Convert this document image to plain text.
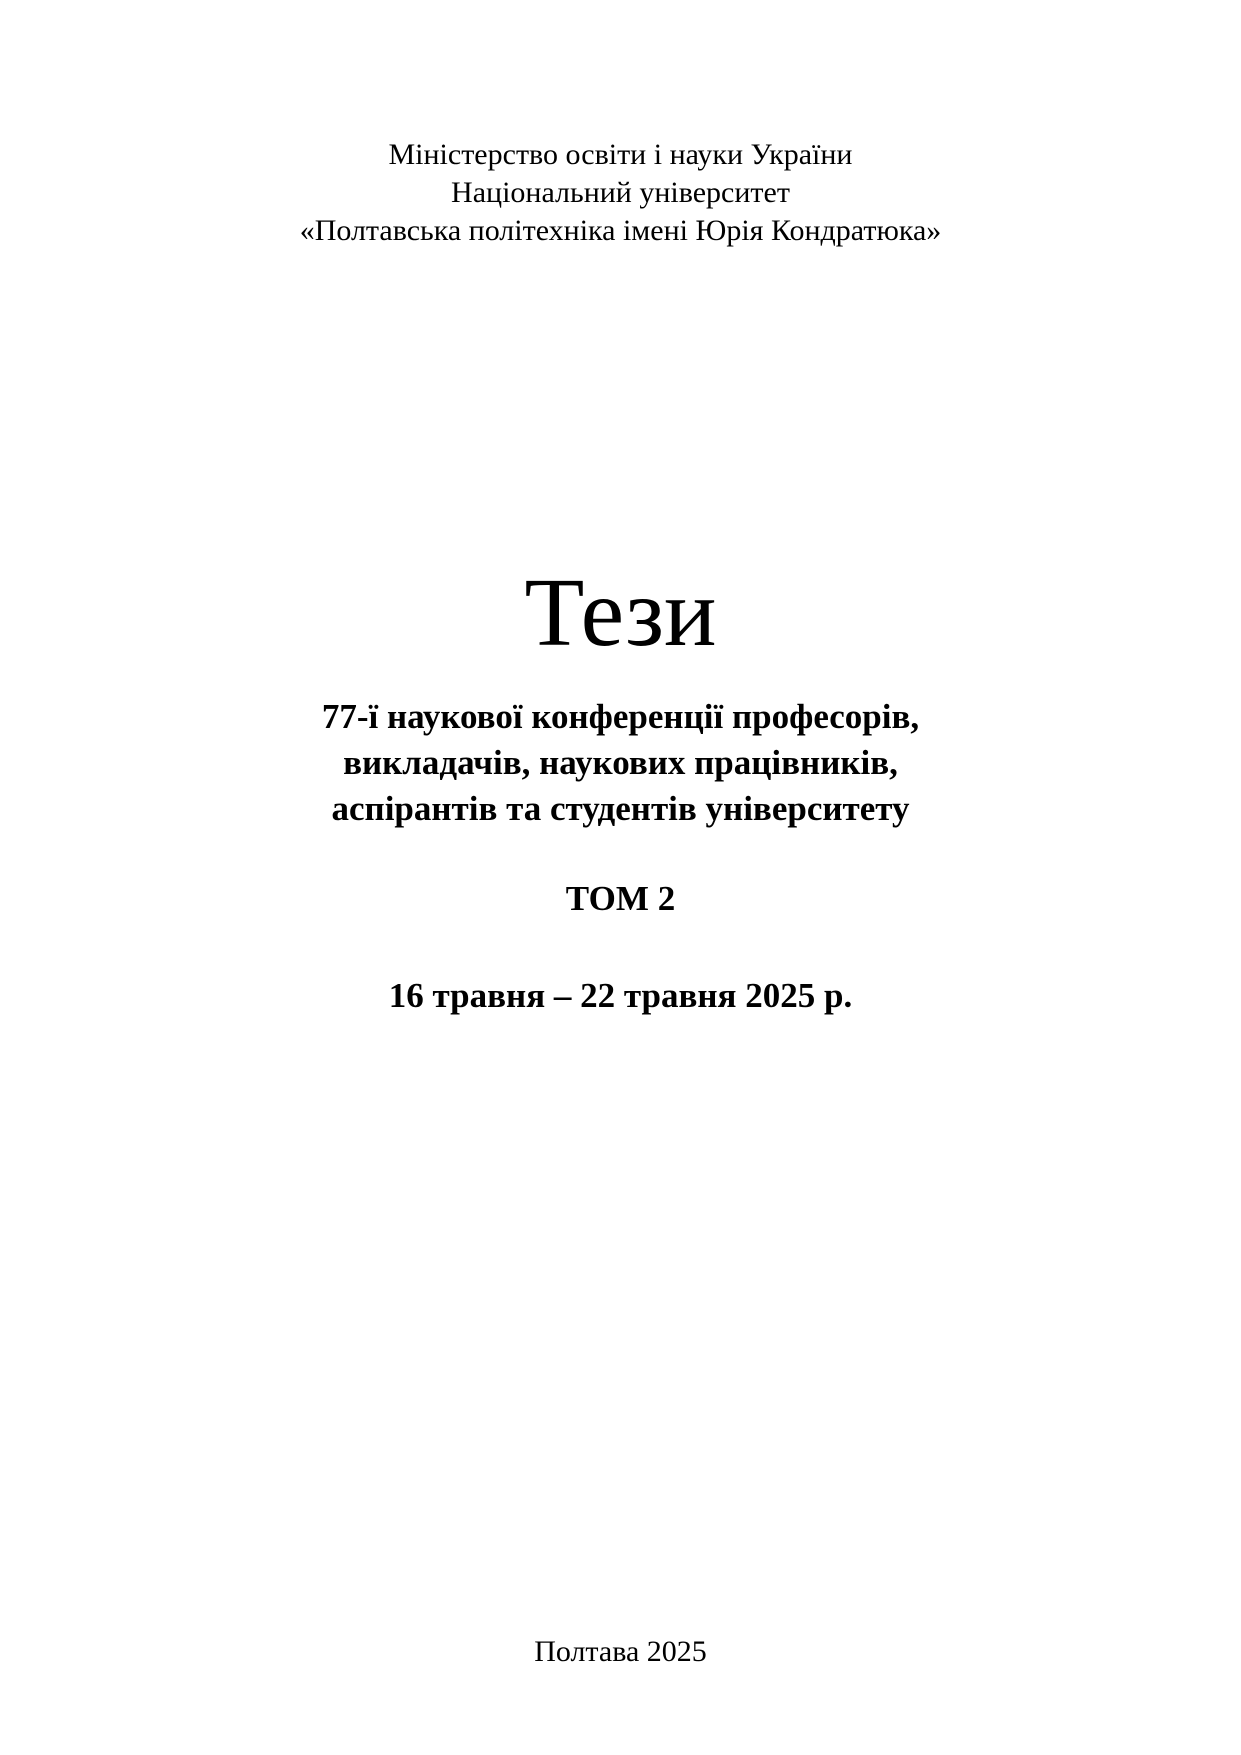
Міністерство освіти і науки України
Національний університет
«Полтавська політехніка імені Юрія Кондратюка»
Тези
77-ї наукової конференції професорів,
викладачів, наукових працівників,
аспірантів та студентів університету
ТОМ 2
16 травня – 22 травня 2025 р.
Полтава 2025
